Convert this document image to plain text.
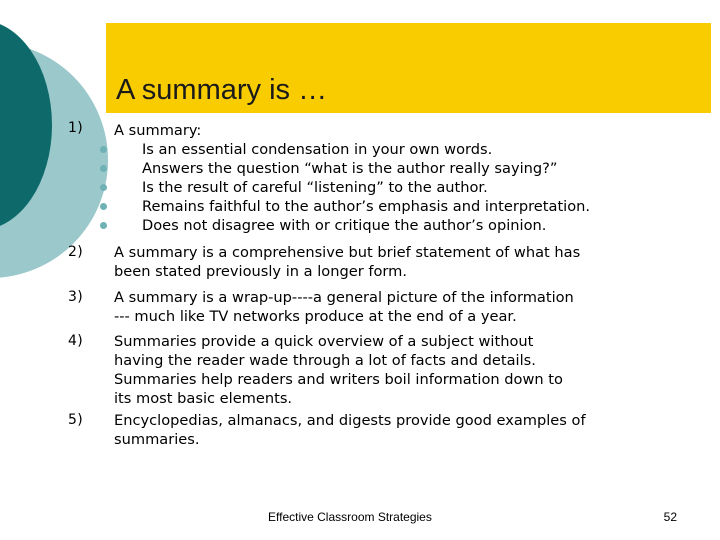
A summary is …
1) A summary:

Is an essential condensation in your own words.
Answers the question “what is the author really saying?”
Is the result of careful “listening” to the author.
Remains faithful to the author’s emphasis and interpretation.
Does not disagree with or critique the author’s opinion.
2) A summary is a comprehensive but brief statement of what has
been stated previously in a longer form.

3) A summary is a wrap-up----a general picture of the information
--- much like TV networks produce at the end of a year.

4) Summaries provide a quick overview of a subject without
having the reader wade through a lot of facts and details.
Summaries help readers and writers boil information down to
its most basic elements.

5) Encyclopedias, almanacs, and digests provide good examples of
summaries.

Effective Classroom Strategies	52
